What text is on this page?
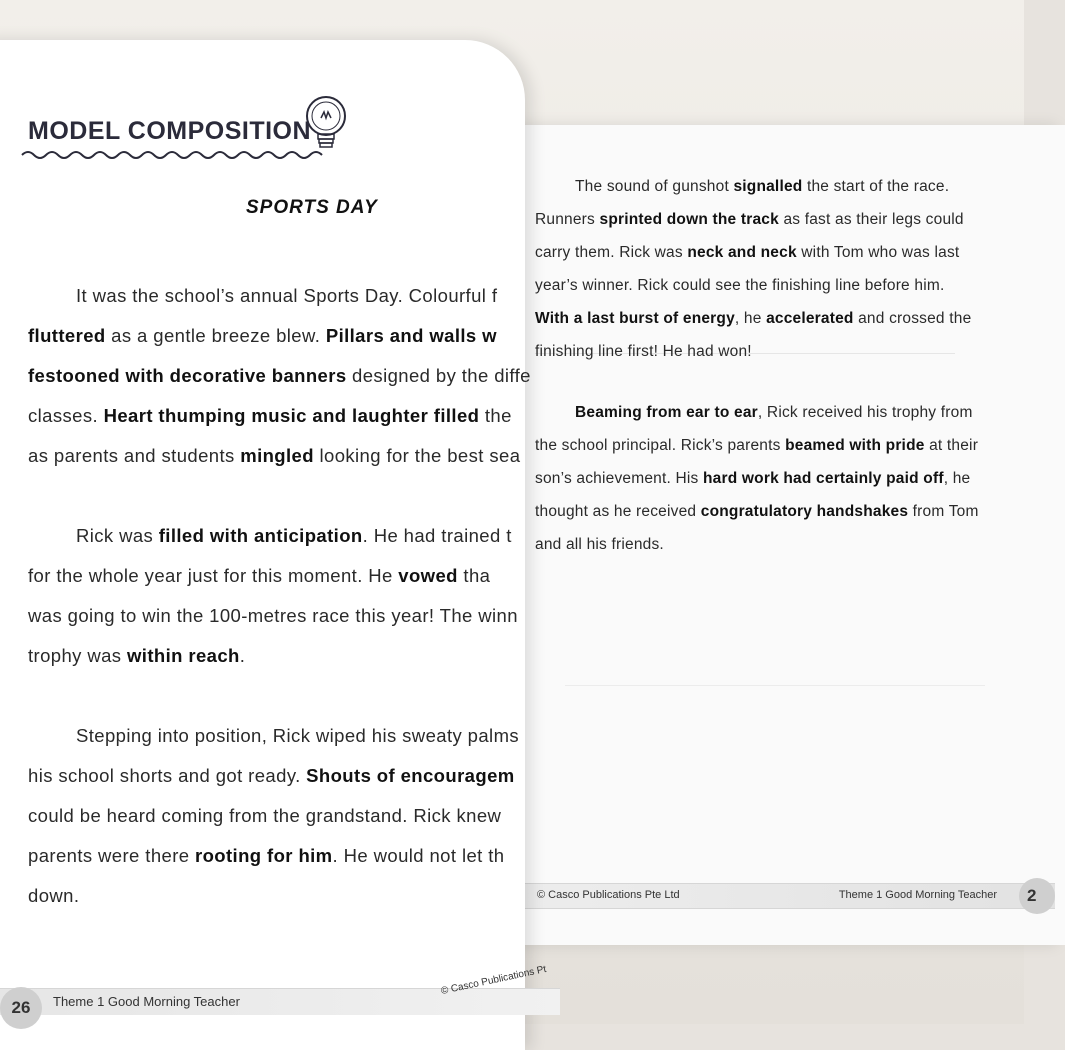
The sound of gunshot signalled the start of the race.
Runners sprinted down the track as fast as their legs could
carry them. Rick was neck and neck with Tom who was last
year’s winner. Rick could see the finishing line before him.
With a last burst of energy, he accelerated and crossed the
finishing line first! He had won!
Beaming from ear to ear, Rick received his trophy from
the school principal. Rick’s parents beamed with pride at their
son’s achievement. His hard work had certainly paid off, he
thought as he received congratulatory handshakes from Tom
and all his friends.
© Casco Publications Pte Ltd	Theme 1 Good Morning Teacher	2
MODEL COMPOSITION
SPORTS DAY
It was the school’s annual Sports Day. Colourful f
fluttered as a gentle breeze blew. Pillars and walls w
festooned with decorative banners designed by the diffe
classes. Heart thumping music and laughter filled the
as parents and students mingled looking for the best sea
Rick was filled with anticipation. He had trained t
for the whole year just for this moment. He vowed tha
was going to win the 100-metres race this year! The winn
trophy was within reach.
Stepping into position, Rick wiped his sweaty palms
his school shorts and got ready. Shouts of encouragem
could be heard coming from the grandstand. Rick knew
parents were there rooting for him. He would not let th
down.
26	Theme 1 Good Morning Teacher
© Casco Publications Pt
